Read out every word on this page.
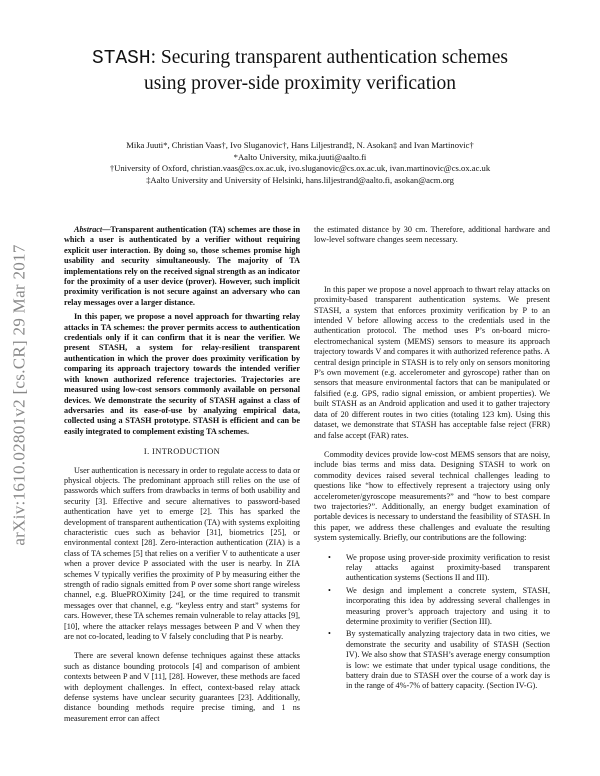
arXiv:1610.02801v2 [cs.CR] 29 Mar 2017
STASH: Securing transparent authentication schemes
using prover-side proximity verification
Mika Juuti*, Christian Vaas†, Ivo Sluganovic†, Hans Liljestrand‡, N. Asokan‡ and Ivan Martinovic†
*Aalto University, mika.juuti@aalto.fi
†University of Oxford, christian.vaas@cs.ox.ac.uk, ivo.sluganovic@cs.ox.ac.uk, ivan.martinovic@cs.ox.ac.uk
‡Aalto University and University of Helsinki, hans.liljestrand@aalto.fi, asokan@acm.org

Abstract—Transparent authentication (TA) schemes are those in which a user is authenticated by a verifier without requiring explicit user interaction. By doing so, those schemes promise high usability and security simultaneously. The majority of TA implementations rely on the received signal strength as an indicator for the proximity of a user device (prover). However, such implicit proximity verification is not secure against an adversary who can relay messages over a larger distance.

In this paper, we propose a novel approach for thwarting relay attacks in TA schemes: the prover permits access to authentication credentials only if it can confirm that it is near the verifier. We present STASH, a system for relay-resilient transparent authentication in which the prover does proximity verification by comparing its approach trajectory towards the intended verifier with known authorized reference trajectories. Trajectories are measured using low-cost sensors commonly available on personal devices. We demonstrate the security of STASH against a class of adversaries and its ease-of-use by analyzing empirical data, collected using a STASH prototype. STASH is efficient and can be easily integrated to complement existing TA schemes.

I. INTRODUCTION

User authentication is necessary in order to regulate access to data or physical objects. The predominant approach still relies on the use of passwords which suffers from drawbacks in terms of both usability and security [3]. Effective and secure alternatives to password-based authentication have yet to emerge [2]. This has sparked the development of transparent authentication (TA) with systems exploiting characteristic cues such as behavior [31], biometrics [25], or environmental context [28]. Zero-interaction authentication (ZIA) is a class of TA schemes [5] that relies on a verifier V to authenticate a user when a prover device P associated with the user is nearby. In ZIA schemes V typically verifies the proximity of P by measuring either the strength of radio signals emitted from P over some short range wireless channel, e.g. BluePROXimity [24], or the time required to transmit messages over that channel, e.g. “keyless entry and start” systems for cars. However, these TA schemes remain vulnerable to relay attacks [9], [10], where the attacker relays messages between P and V when they are not co-located, leading to V falsely concluding that P is nearby.

There are several known defense techniques against these attacks such as distance bounding protocols [4] and comparison of ambient contexts between P and V [11], [28]. However, these methods are faced with deployment challenges. In effect, context-based relay attack defense systems have unclear security guarantees [23]. Additionally, distance bounding methods require precise timing, and 1 ns measurement error can affect

the estimated distance by 30 cm. Therefore, additional hardware and low-level software changes seem necessary.

In this paper we propose a novel approach to thwart relay attacks on proximity-based transparent authentication systems. We present STASH, a system that enforces proximity verification by P to an intended V before allowing access to the credentials used in the authentication protocol. The method uses P’s on-board micro-electromechanical system (MEMS) sensors to measure its approach trajectory towards V and compares it with authorized reference paths. A central design principle in STASH is to rely only on sensors monitoring P’s own movement (e.g. accelerometer and gyroscope) rather than on sensors that measure environmental factors that can be manipulated or falsified (e.g. GPS, radio signal emission, or ambient properties). We built STASH as an Android application and used it to gather trajectory data of 20 different routes in two cities (totaling 123 km). Using this dataset, we demonstrate that STASH has acceptable false reject (FRR) and false accept (FAR) rates.

Commodity devices provide low-cost MEMS sensors that are noisy, include bias terms and miss data. Designing STASH to work on commodity devices raised several technical challenges leading to questions like “how to effectively represent a trajectory using only accelerometer/gyroscope measurements?” and “how to best compare two trajectories?”. Additionally, an energy budget examination of portable devices is necessary to understand the feasibility of STASH. In this paper, we address these challenges and evaluate the resulting system systemically. Briefly, our contributions are the following:

• We propose using prover-side proximity verification to resist relay attacks against proximity-based transparent authentication systems (Sections II and III).
• We design and implement a concrete system, STASH, incorporating this idea by addressing several challenges in measuring prover’s approach trajectory and using it to determine proximity to verifier (Section III).
• By systematically analyzing trajectory data in two cities, we demonstrate the security and usability of STASH (Section IV). We also show that STASH’s average energy consumption is low: we estimate that under typical usage conditions, the battery drain due to STASH over the course of a work day is in the range of 4%-7% of battery capacity. (Section IV-G).
